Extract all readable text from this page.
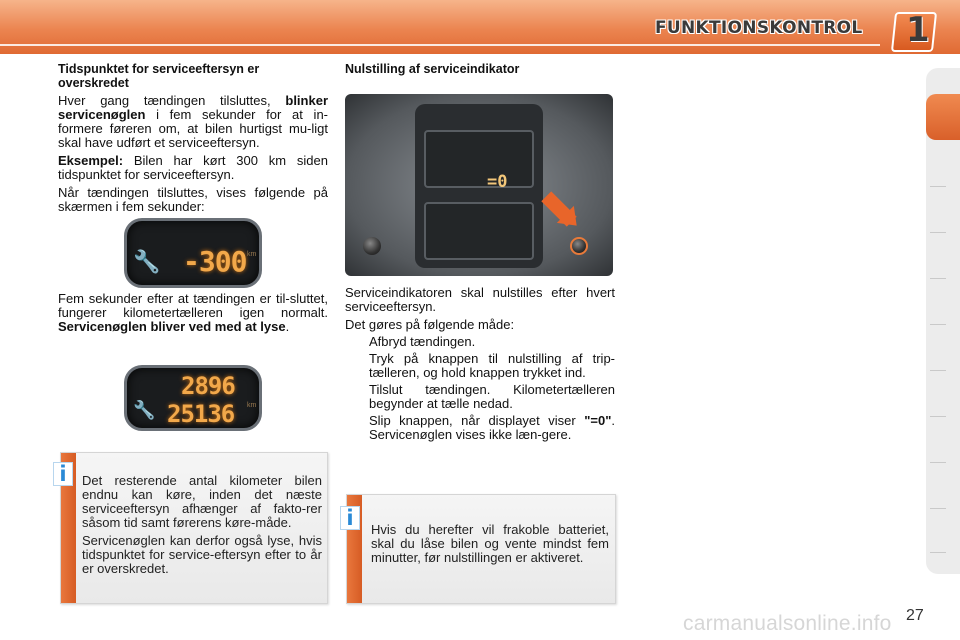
FUNKTIONSKONTROL 1
Tidspunktet for serviceeftersyn er overskredet
Hver gang tændingen tilsluttes, blinker servicenøglen i fem sekunder for at in-formere føreren om, at bilen hurtigst mu-ligt skal have udført et serviceeftersyn.
Eksempel: Bilen har kørt 300 km siden tidspunktet for serviceeftersyn.
Når tændingen tilsluttes, vises følgende på skærmen i fem sekunder:
🔧 -300 km
Fem sekunder efter at tændingen er til-sluttet, fungerer kilometertælleren igen normalt. Servicenøglen bliver ved med at lyse.
2896
🔧 25136 km
i	Det resterende antal kilometer bilen endnu kan køre, inden det næste serviceeftersyn afhænger af fakto-rer såsom tid samt førerens køre-måde.
Servicenøglen kan derfor også lyse, hvis tidspunktet for service-eftersyn efter to år er overskredet.
Nulstilling af serviceindikator
=0
Serviceindikatoren skal nulstilles efter hvert serviceeftersyn.
Det gøres på følgende måde:
Afbryd tændingen.
Tryk på knappen til nulstilling af trip-tælleren, og hold knappen trykket ind.
Tilslut tændingen. Kilometertælleren begynder at tælle nedad.
Slip knappen, når displayet viser "=0". Servicenøglen vises ikke læn-gere.
i	Hvis du herefter vil frakoble batteriet, skal du låse bilen og vente mindst fem minutter, før nulstillingen er aktiveret.
27
carmanualsonline.info
